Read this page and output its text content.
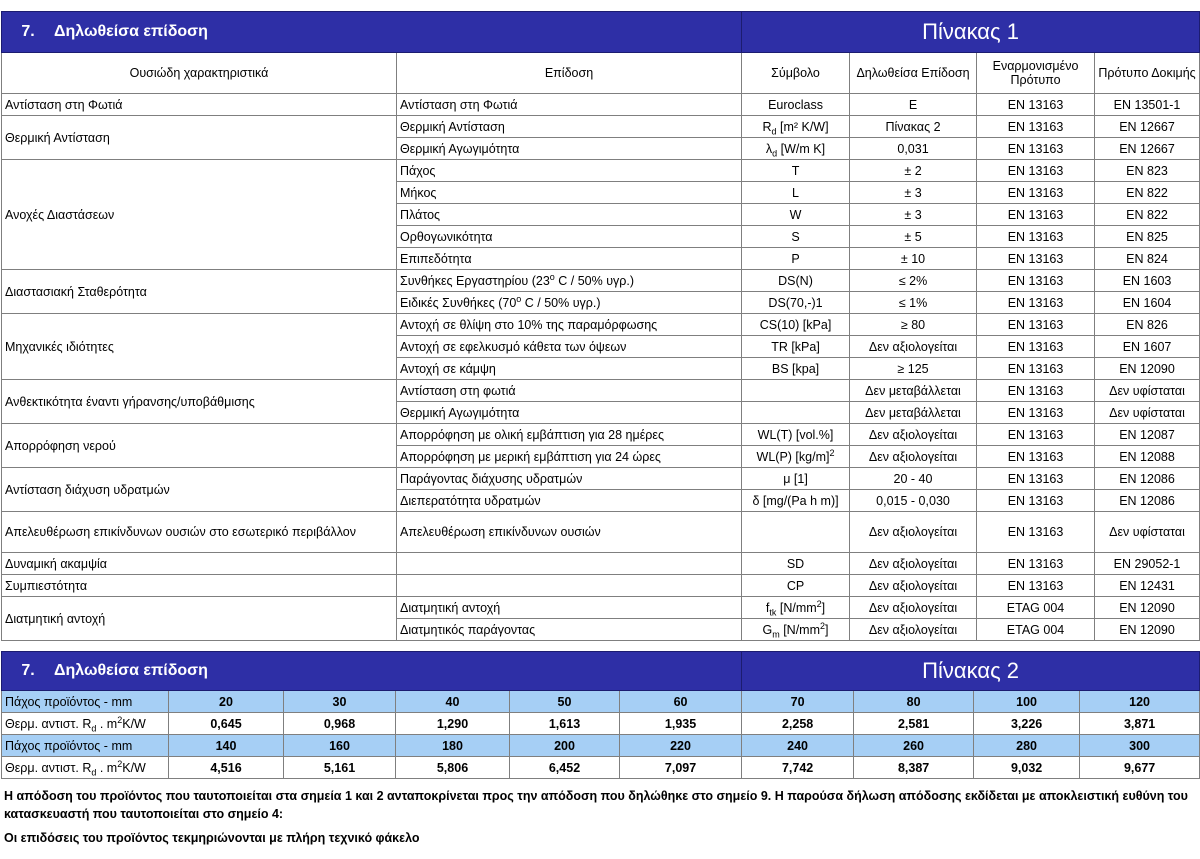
7. Δηλωθείσα επίδοση		Πίνακας 1			
Ουσιώδη χαρακτηριστικά	Επίδοση	Σύμβολο	Δηλωθείσα Επίδοση	Εναρμονισμένο Πρότυπο	Πρότυπο Δοκιμής
Αντίσταση στη Φωτιά	Αντίσταση στη Φωτιά	Euroclass	E	EN 13163	EN 13501-1
Θερμική Αντίσταση	Θερμική Αντίσταση	$R_d$ [m² K/W]	Πίνακας 2	EN 13163	EN 12667
	Θερμική Αγωγιμότητα	$\lambda_d$ [W/m K]	0,031	EN 13163	EN 12667
Ανοχές Διαστάσεων	Πάχος	T	± 2	EN 13163	EN 823
	Μήκος	L	± 3	EN 13163	EN 822
	Πλάτος	W	± 3	EN 13163	EN 822
	Ορθογωνικότητα	S	± 5	EN 13163	EN 825
	Επιπεδότητα	P	± 10	EN 13163	EN 824
Διαστασιακή Σταθερότητα	Συνθήκες Εργαστηρίου (23$^o$ C / 50% υγρ.)	DS(N)	≤ 2%	EN 13163	EN 1603
	Ειδικές Συνθήκες (70$^o$ C / 50% υγρ.)	DS(70,-)1	≤ 1%	EN 13163	EN 1604
Μηχανικές ιδιότητες	Αντοχή σε θλίψη στο 10% της παραμόρφωσης	CS(10) [kPa]	≥ 80	EN 13163	EN 826
	Αντοχή σε εφελκυσμό κάθετα των όψεων	TR [kPa]	Δεν αξιολογείται	EN 13163	EN 1607
	Αντοχή σε κάμψη	BS [kpa]	≥ 125	EN 13163	EN 12090
Ανθεκτικότητα έναντι γήρανσης/υποβάθμισης	Αντίσταση στη φωτιά		Δεν μεταβάλλεται	EN 13163	Δεν υφίσταται
	Θερμική Αγωγιμότητα		Δεν μεταβάλλεται	EN 13163	Δεν υφίσταται
Απορρόφηση νερού	Απορρόφηση με ολική εμβάπτιση για 28 ημέρες	WL(T) [vol.%]	Δεν αξιολογείται	EN 13163	EN 12087
	Απορρόφηση με μερική εμβάπτιση για 24 ώρες	WL(P) $[kg/m]^2$	Δεν αξιολογείται	EN 13163	EN 12088
Αντίσταση διάχυση υδρατμών	Παράγοντας διάχυσης υδρατμών	μ [1]	20 - 40	EN 13163	EN 12086
	Διεπερατότητα υδρατμών	δ [mg/(Pa h m)]	0,015 - 0,030	EN 13163	EN 12086
Απελευθέρωση επικίνδυνων ουσιών στο εσωτερικό περιβάλλον	Απελευθέρωση επικίνδυνων ουσιών		Δεν αξιολογείται	EN 13163	Δεν υφίσταται
Δυναμική ακαμψία		SD	Δεν αξιολογείται	EN 13163	EN 29052-1
Συμπιεστότητα		CP	Δεν αξιολογείται	EN 13163	EN 12431
Διατμητική αντοχή	Διατμητική αντοχή	$f_{tk}$ $[N/mm^2]$	Δεν αξιολογείται	ETAG 004	EN 12090
	Διατμητικός παράγοντας	$G_m$ $[N/mm^2]$	Δεν αξιολογείται	ETAG 004	EN 12090
7. Δηλωθείσα επίδοση						Πίνακας 2			
Πάχος προϊόντος - mm	20	30	40	50	60	70	80	100	120
Θερμ. αντιστ. $R_d$ . $m^2K/W$	0,645	0,968	1,290	1,613	1,935	2,258	2,581	3,226	3,871
Πάχος προϊόντος - mm	140	160	180	200	220	240	260	280	300
Θερμ. αντιστ. $R_d$ . $m^2K/W$	4,516	5,161	5,806	6,452	7,097	7,742	8,387	9,032	9,677

Η απόδοση του προϊόντος που ταυτοποιείται στα σημεία 1 και 2 ανταποκρίνεται προς την απόδοση που δηλώθηκε στο σημείο 9. Η παρούσα δήλωση απόδοσης εκδίδεται με αποκλειστική ευθύνη του κατασκευαστή που ταυτοποιείται στο σημείο 4:

Οι επιδόσεις του προϊόντος τεκμηριώνονται με πλήρη τεχνικό φάκελο
